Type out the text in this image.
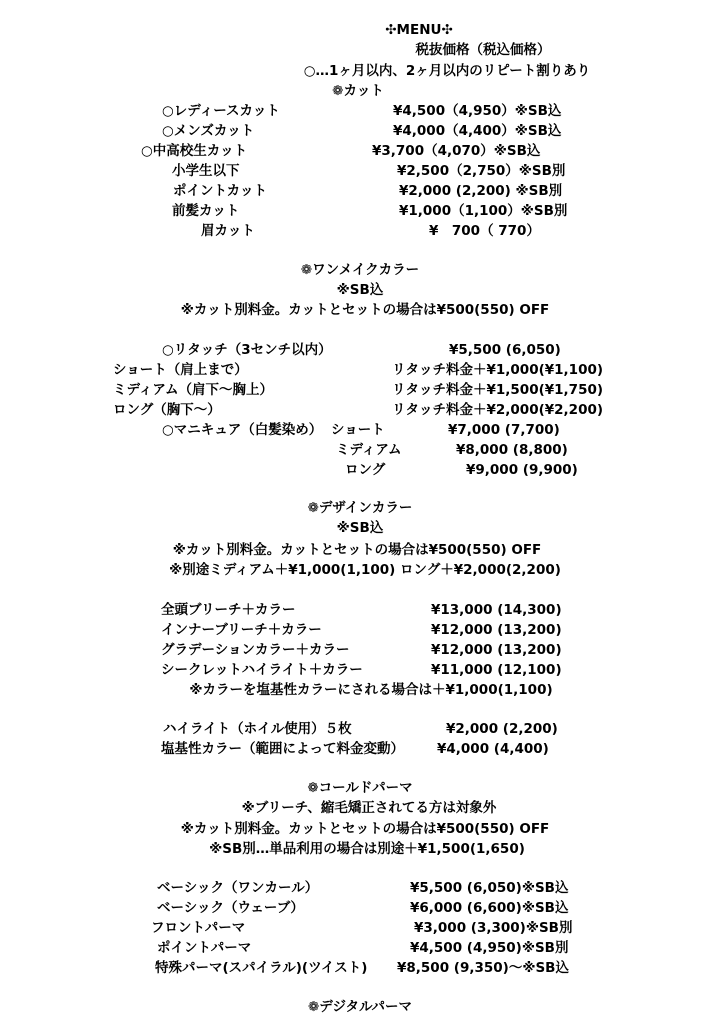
✣MENU✣
税抜価格（税込価格）
○…1ヶ月以内、2ヶ月以内のリピート割りあり
❁カット
○レディースカット	¥4,500（4,950）※SB込
○メンズカット	¥4,000（4,400）※SB込
○中高校生カット	¥3,700（4,070）※SB込
小学生以下	¥2,500（2,750）※SB別
ポイントカット	¥2,000 (2,200) ※SB別
前髪カット	¥1,000（1,100）※SB別
眉カット	¥　700（ 770）
❁ワンメイクカラー
※SB込
※カット別料金。カットとセットの場合は¥500(550) OFF
○リタッチ（3センチ以内）	¥5,500 (6,050)
ショート（肩上まで）	リタッチ料金＋¥1,000(¥1,100)
ミディアム（肩下〜胸上）	リタッチ料金＋¥1,500(¥1,750)
ロング（胸下〜）	リタッチ料金＋¥2,000(¥2,200)
○マニキュア（白髪染め） ショート	¥7,000 (7,700)
ミディアム	¥8,000 (8,800)
ロング	¥9,000 (9,900)
❁デザインカラー
※SB込
※カット別料金。カットとセットの場合は¥500(550) OFF
※別途ミディアム＋¥1,000(1,100) ロング＋¥2,000(2,200)
全頭ブリーチ＋カラー	¥13,000 (14,300)
インナーブリーチ＋カラー	¥12,000 (13,200)
グラデーションカラー＋カラー	¥12,000 (13,200)
シークレットハイライト＋カラー	¥11,000 (12,100)
※カラーを塩基性カラーにされる場合は＋¥1,000(1,100)
ハイライト（ホイル使用）５枚	¥2,000 (2,200)
塩基性カラー（範囲によって料金変動） ¥4,000 (4,400)
❁コールドパーマ
※ブリーチ、縮毛矯正されてる方は対象外
※カット別料金。カットとセットの場合は¥500(550) OFF
※SB別…単品利用の場合は別途＋¥1,500(1,650)
ベーシック（ワンカール）	¥5,500 (6,050)※SB込
ベーシック（ウェーブ）	¥6,000 (6,600)※SB込
フロントパーマ	¥3,000 (3,300)※SB別
ポイントパーマ	¥4,500 (4,950)※SB別
特殊パーマ(スパイラル)(ツイスト) ¥8,500 (9,350)〜※SB込
❁デジタルパーマ
